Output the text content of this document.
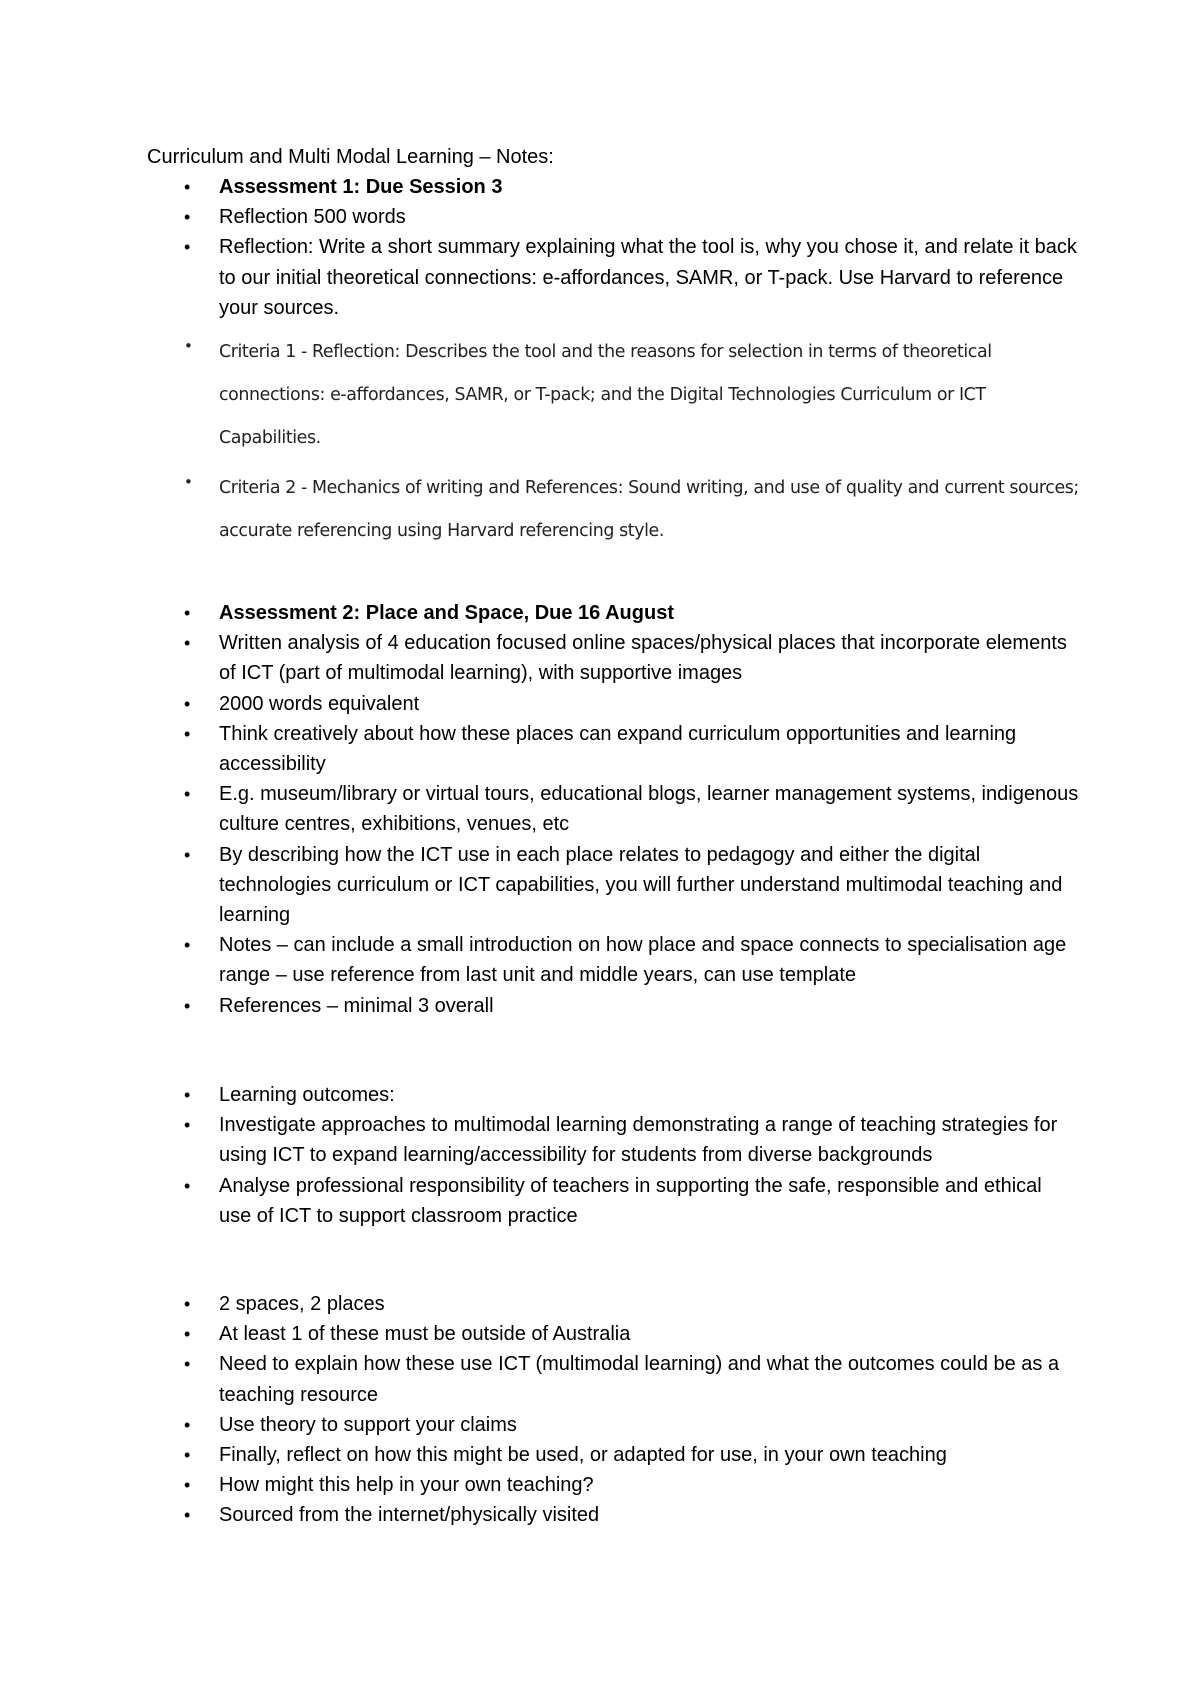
Curriculum and Multi Modal Learning – Notes:
•	Assessment 1: Due Session 3
•	Reflection 500 words
•	Reflection: Write a short summary explaining what the tool is, why you chose it, and relate it back to our initial theoretical connections: e-affordances, SAMR, or T-pack. Use Harvard to reference your sources.
•	Criteria 1 - Reflection: Describes the tool and the reasons for selection in terms of theoretical connections: e-affordances, SAMR, or T-pack; and the Digital Technologies Curriculum or ICT Capabilities.
•	Criteria 2 - Mechanics of writing and References: Sound writing, and use of quality and current sources; accurate referencing using Harvard referencing style.
•	Assessment 2: Place and Space, Due 16 August
•	Written analysis of 4 education focused online spaces/physical places that incorporate elements of ICT (part of multimodal learning), with supportive images
•	2000 words equivalent
•	Think creatively about how these places can expand curriculum opportunities and learning accessibility
•	E.g. museum/library or virtual tours, educational blogs, learner management systems, indigenous culture centres, exhibitions, venues, etc
•	By describing how the ICT use in each place relates to pedagogy and either the digital technologies curriculum or ICT capabilities, you will further understand multimodal teaching and learning
•	Notes – can include a small introduction on how place and space connects to specialisation age range – use reference from last unit and middle years, can use template
•	References – minimal 3 overall
•	Learning outcomes:
•	Investigate approaches to multimodal learning demonstrating a range of teaching strategies for using ICT to expand learning/accessibility for students from diverse backgrounds
•	Analyse professional responsibility of teachers in supporting the safe, responsible and ethical use of ICT to support classroom practice
•	2 spaces, 2 places
•	At least 1 of these must be outside of Australia
•	Need to explain how these use ICT (multimodal learning) and what the outcomes could be as a teaching resource
•	Use theory to support your claims
•	Finally, reflect on how this might be used, or adapted for use, in your own teaching
•	How might this help in your own teaching?
•	Sourced from the internet/physically visited
